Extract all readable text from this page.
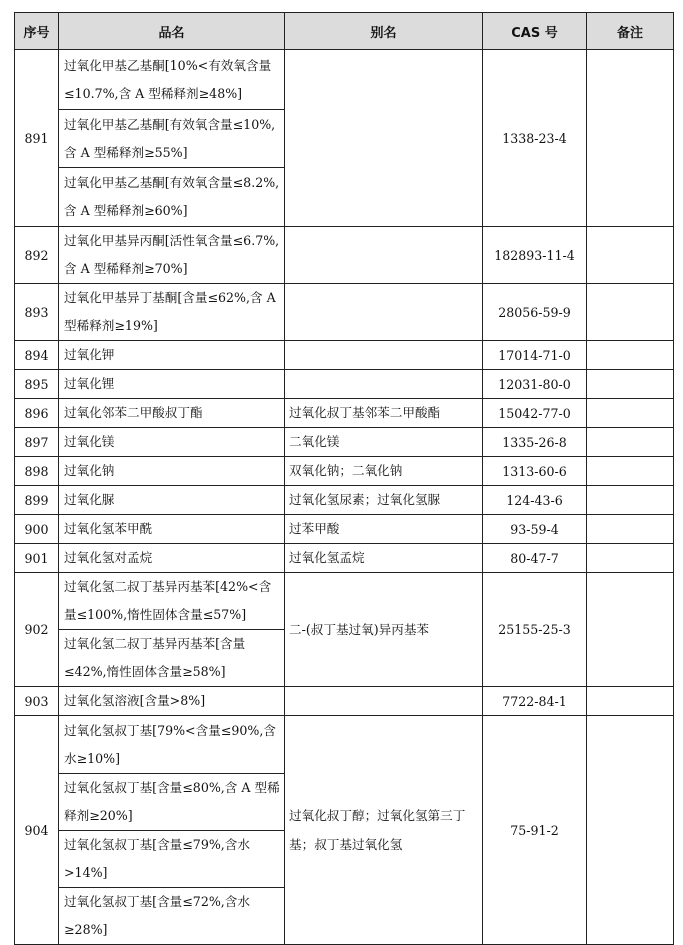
序号	品名	别名	CAS 号	备注
891	过氧化甲基乙基酮[10%<有效氧含量 ≤10.7%,含 A 型稀释剂≥48%]		1338-23-4	
	过氧化甲基乙基酮[有效氧含量≤10%,含 A 型稀释剂≥55%]			
	过氧化甲基乙基酮[有效氧含量≤8.2%,含 A 型稀释剂≥60%]			
892	过氧化甲基异丙酮[活性氧含量≤6.7%,含 A 型稀释剂≥70%]		182893-11-4	
893	过氧化甲基异丁基酮[含量≤62%,含 A 型稀释剂≥19%]		28056-59-9	
894	过氧化钾		17014-71-0	
895	过氧化锂		12031-80-0	
896	过氧化邻苯二甲酸叔丁酯	过氧化叔丁基邻苯二甲酸酯	15042-77-0	
897	过氧化镁	二氧化镁	1335-26-8	
898	过氧化钠	双氧化钠；二氧化钠	1313-60-6	
899	过氧化脲	过氧化氢尿素；过氧化氢脲	124-43-6	
900	过氧化氢苯甲酰	过苯甲酸	93-59-4	
901	过氧化氢对孟烷	过氧化氢孟烷	80-47-7	
902	过氧化氢二叔丁基异丙基苯[42%<含量≤100%,惰性固体含量≤57%]	二-(叔丁基过氧)异丙基苯	25155-25-3	
	过氧化氢二叔丁基异丙基苯[含量≤42%,惰性固体含量≥58%]			
903	过氧化氢溶液[含量>8%]		7722-84-1	
904	过氧化氢叔丁基[79%<含量≤90%,含水≥10%]	过氧化叔丁醇；过氧化氢第三丁基；叔丁基过氧化氢	75-91-2	
	过氧化氢叔丁基[含量≤80%,含 A 型稀释剂≥20%]			
	过氧化氢叔丁基[含量≤79%,含水>14%]			
	过氧化氢叔丁基[含量≤72%,含水≥28%]			
